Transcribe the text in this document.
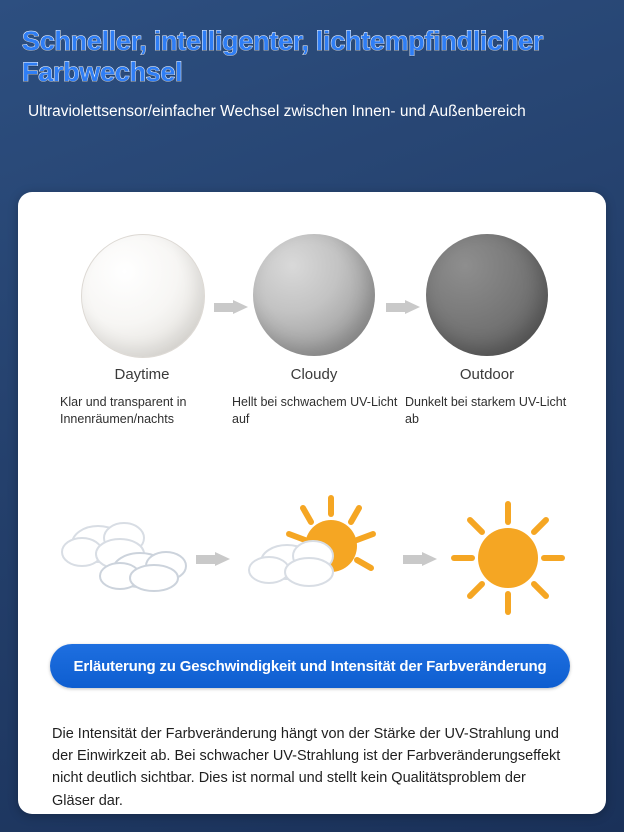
Schneller, intelligenter, lichtempfindlicher Farbwechsel

Ultraviolettsensor/einfacher Wechsel zwischen Innen- und Außenbereich

Daytime	Cloudy	Outdoor
Klar und transparent in Innenräumen/nachts
Hellt bei schwachem UV-Licht auf
Dunkelt bei starkem UV-Licht ab
Erläuterung zu Geschwindigkeit und Intensität der Farbveränderung

Die Intensität der Farbveränderung hängt von der Stärke der UV-Strahlung und der Einwirkzeit ab. Bei schwacher UV-Strahlung ist der Farbveränderungseffekt nicht deutlich sichtbar. Dies ist normal und stellt kein Qualitätsproblem der Gläser dar.
